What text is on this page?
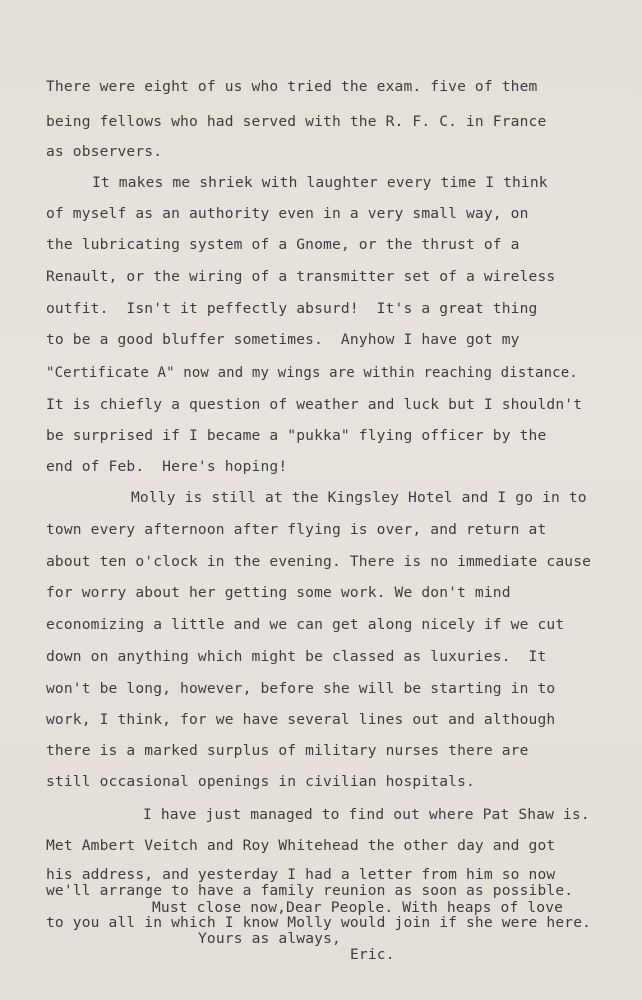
There were eight of us who tried the exam. five of them
being fellows who had served with the R. F. C. in France
as observers.
It makes me shriek with laughter every time I think
of myself as an authority even in a very small way, on
the lubricating system of a Gnome, or the thrust of a
Renault, or the wiring of a transmitter set of a wireless
outfit.  Isn't it peffectly absurd!  It's a great thing
to be a good bluffer sometimes.  Anyhow I have got my
"Certificate A" now and my wings are within reaching distance.
It is chiefly a question of weather and luck but I shouldn't
be surprised if I became a "pukka" flying officer by the
end of Feb.  Here's hoping!
Molly is still at the Kingsley Hotel and I go in to
town every afternoon after flying is over, and return at
about ten o'clock in the evening. There is no immediate cause
for worry about her getting some work. We don't mind
economizing a little and we can get along nicely if we cut
down on anything which might be classed as luxuries.  It
won't be long, however, before she will be starting in to
work, I think, for we have several lines out and although
there is a marked surplus of military nurses there are
still occasional openings in civilian hospitals.
I have just managed to find out where Pat Shaw is.
Met Ambert Veitch and Roy Whitehead the other day and got
his address, and yesterday I had a letter from him so now
we'll arrange to have a family reunion as soon as possible.
Must close now,Dear People. With heaps of love
to you all in which I know Molly would join if she were here.
Yours as always,
Eric.
